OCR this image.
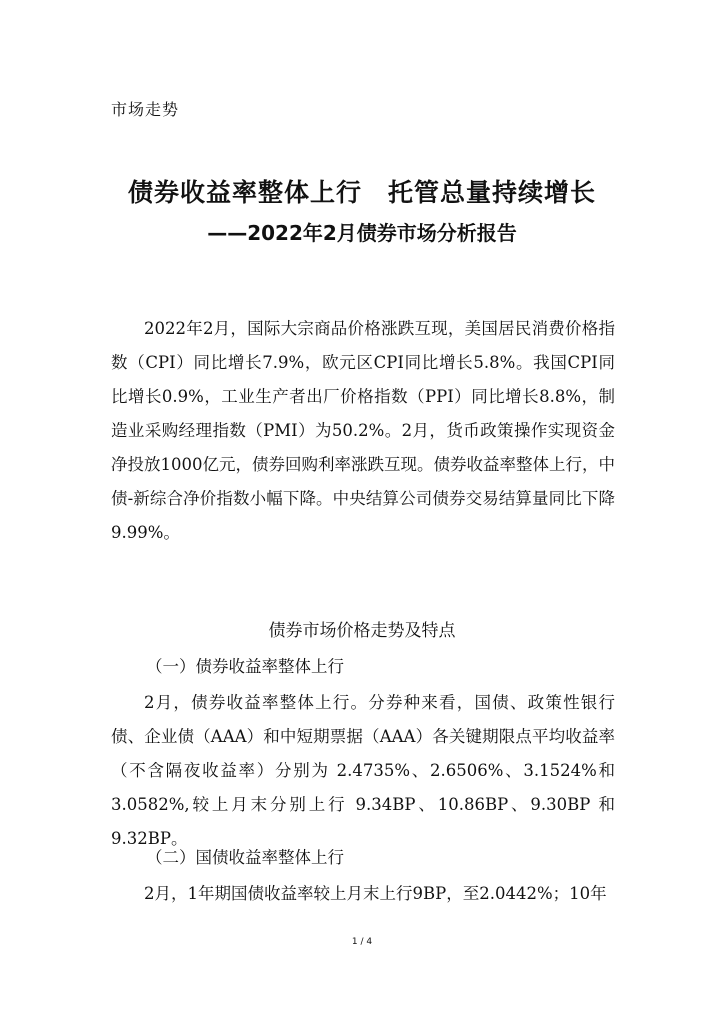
市场走势
债券收益率整体上行　托管总量持续增长
——2022年2月债券市场分析报告
2022年2月，国际大宗商品价格涨跌互现，美国居民消费价格指数（CPI）同比增长7.9%，欧元区CPI同比增长5.8%。我国CPI同比增长0.9%，工业生产者出厂价格指数（PPI）同比增长8.8%，制造业采购经理指数（PMI）为50.2%。2月，货币政策操作实现资金净投放1000亿元，债券回购利率涨跌互现。债券收益率整体上行，中债-新综合净价指数小幅下降。中央结算公司债券交易结算量同比下降9.99%。
债券市场价格走势及特点
（一）债券收益率整体上行
2月，债券收益率整体上行。分券种来看，国债、政策性银行债、企业债（AAA）和中短期票据（AAA）各关键期限点平均收益率（不含隔夜收益率）分别为 2.4735%、2.6506%、3.1524%和 3.0582%,较上月末分别上行 9.34BP、10.86BP、9.30BP 和 9.32BP。
（二）国债收益率整体上行
2月，1年期国债收益率较上月末上行9BP，至2.0442%；10年
1 / 4
